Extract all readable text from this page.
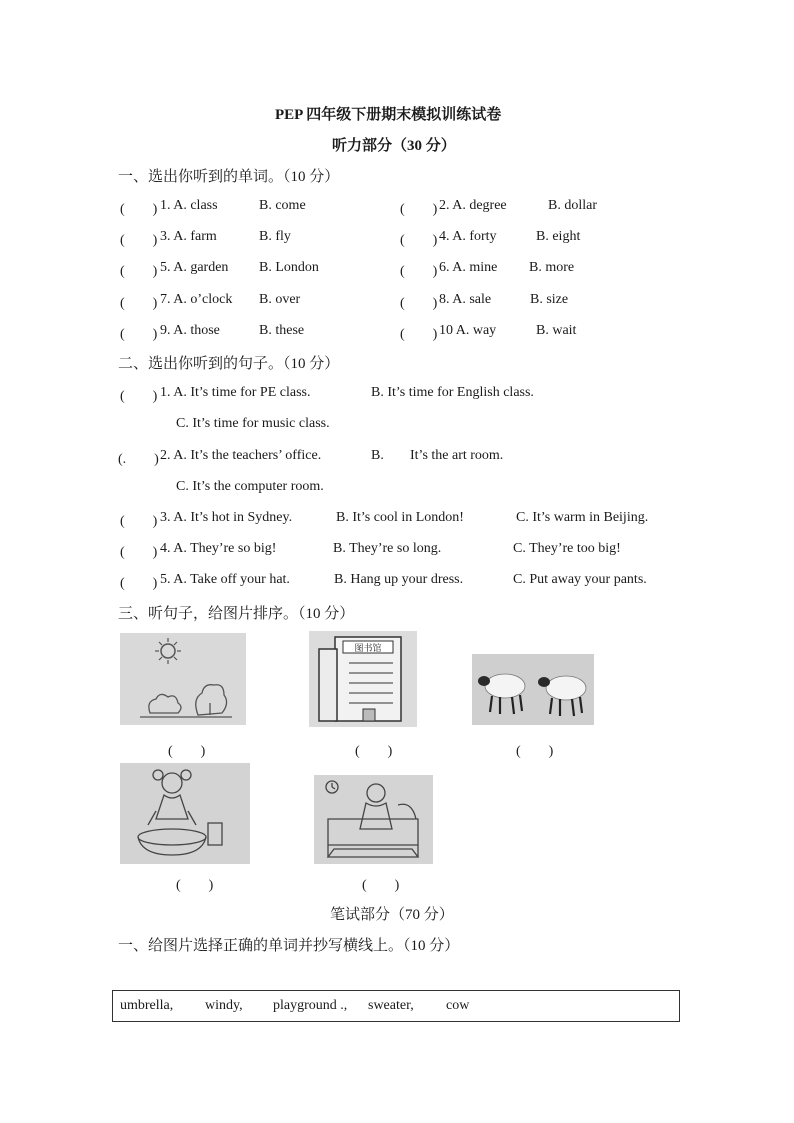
PEP 四年级下册期末模拟训练试卷
听力部分（30 分）
一、选出你听到的单词。（10 分）
(　　) 1. A. class	B. come	(　　) 2. A. degree	B. dollar
(　　) 3. A. farm	B. fly	(　　) 4. A. forty	B. eight
(　　) 5. A. garden B. London	(　　) 6. A. mine B. more
(　　) 7. A. o’clock B. over	(　　) 8. A. sale	B. size
(　　) 9. A. those	B. these	(　　) 10 A. way	B. wait
二、选出你听到的句子。（10 分）
(　　) 1. A. It’s time for PE class.	B. It’s time for English class.
C. It’s time for music class.
(.　　) 2. A. It’s the teachers’ office.	B. It’s the art room.
C. It’s the computer room.
(　　) 3. A. It’s hot in Sydney.	B. It’s cool in London!	C. It’s warm in Beijing.
(　　) 4. A. They’re so big!	B. They’re so long.	C. They’re too big!
(　　) 5. A. Take off your hat.	B. Hang up your dress.	C. Put away your pants.
三、听句子，给图片排序。（10 分）
图书馆
(　　)	(　　)	(　　)
(　　)	(　　)
笔试部分（70 分）
一、给图片选择正确的单词并抄写横线上。（10 分）
umbrella, windy, playground ., sweater, cow
